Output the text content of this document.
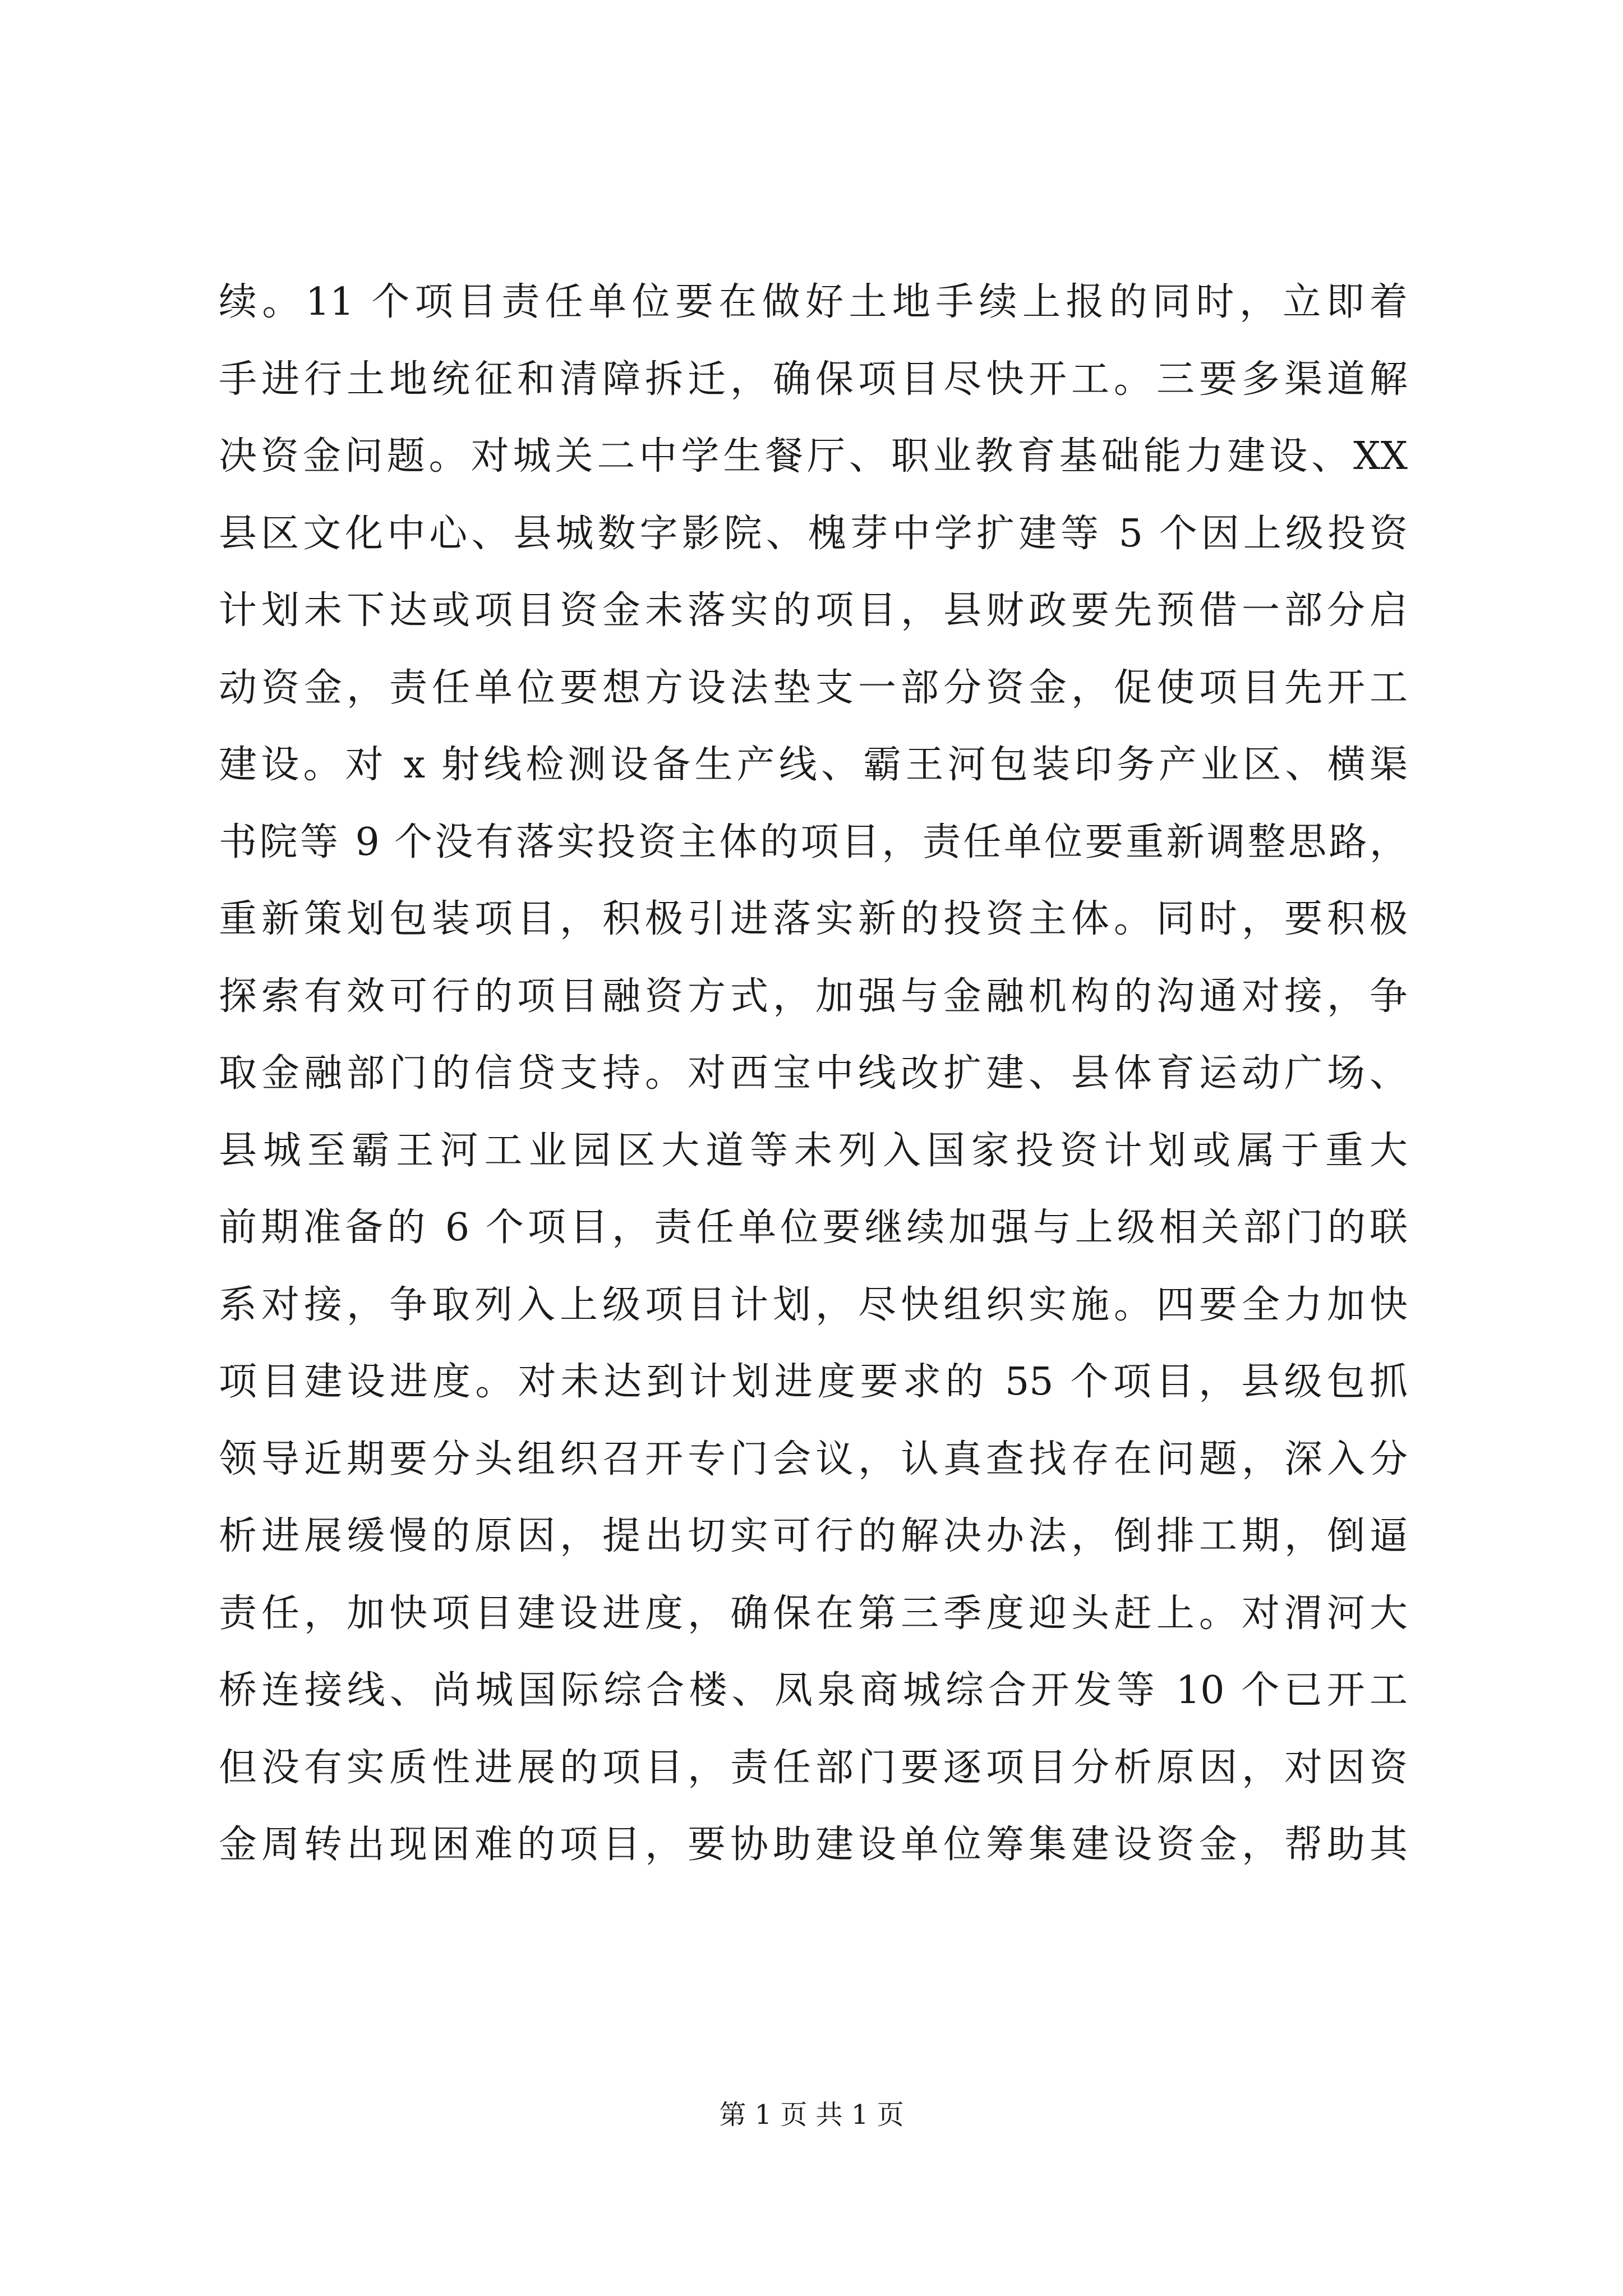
续。11 个项目责任单位要在做好土地手续上报的同时，立即着
手进行土地统征和清障拆迁，确保项目尽快开工。三要多渠道解
决资金问题。对城关二中学生餐厅、职业教育基础能力建设、XX
县区文化中心、县城数字影院、槐芽中学扩建等 5 个因上级投资
计划未下达或项目资金未落实的项目，县财政要先预借一部分启
动资金，责任单位要想方设法垫支一部分资金，促使项目先开工
建设。对 x 射线检测设备生产线、霸王河包装印务产业区、横渠
书院等 9 个没有落实投资主体的项目，责任单位要重新调整思路，
重新策划包装项目，积极引进落实新的投资主体。同时，要积极
探索有效可行的项目融资方式，加强与金融机构的沟通对接，争
取金融部门的信贷支持。对西宝中线改扩建、县体育运动广场、
县城至霸王河工业园区大道等未列入国家投资计划或属于重大
前期准备的 6 个项目，责任单位要继续加强与上级相关部门的联
系对接，争取列入上级项目计划，尽快组织实施。四要全力加快
项目建设进度。对未达到计划进度要求的 55 个项目，县级包抓
领导近期要分头组织召开专门会议，认真查找存在问题，深入分
析进展缓慢的原因，提出切实可行的解决办法，倒排工期，倒逼
责任，加快项目建设进度，确保在第三季度迎头赶上。对渭河大
桥连接线、尚城国际综合楼、凤泉商城综合开发等 10 个已开工
但没有实质性进展的项目，责任部门要逐项目分析原因，对因资
金周转出现困难的项目，要协助建设单位筹集建设资金，帮助其
第 1 页 共 1 页
